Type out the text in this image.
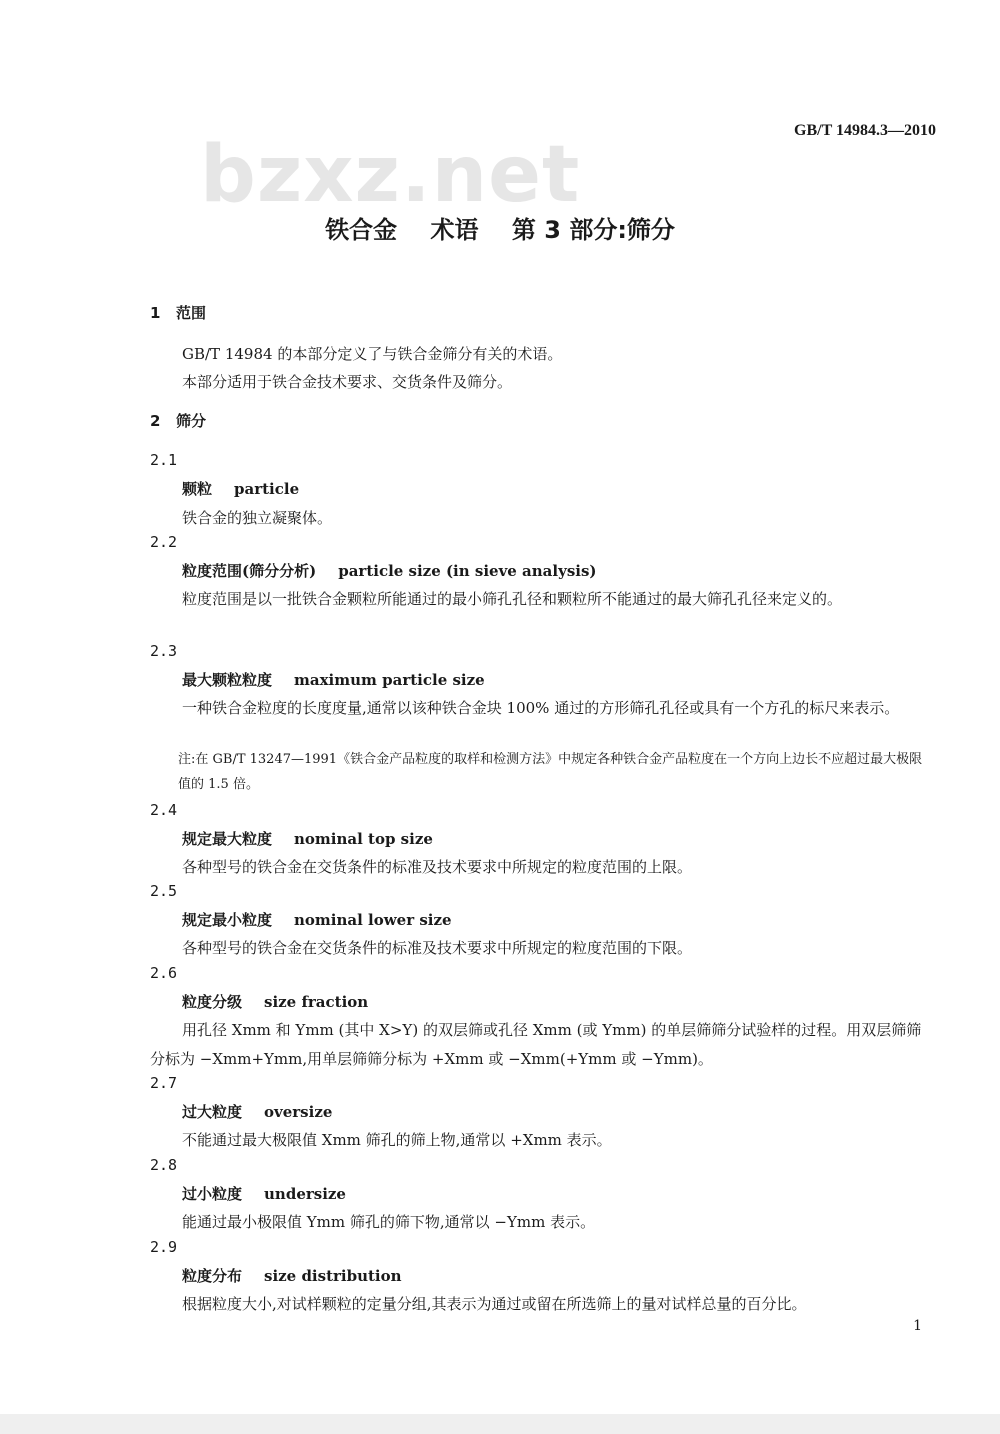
GB/T 14984.3—2010
bzxz.net
铁合金    术语    第 3 部分:筛分
1 范围
GB/T 14984 的本部分定义了与铁合金筛分有关的术语。
本部分适用于铁合金技术要求、交货条件及筛分。
2 筛分
2.1
颗粒 particle
铁合金的独立凝聚体。
2.2
粒度范围(筛分分析) particle size (in sieve analysis)
粒度范围是以一批铁合金颗粒所能通过的最小筛孔孔径和颗粒所不能通过的最大筛孔孔径来定义的。
2.3
最大颗粒粒度 maximum particle size
一种铁合金粒度的长度度量,通常以该种铁合金块 100% 通过的方形筛孔孔径或具有一个方孔的标尺来表示。
注:在 GB/T 13247—1991《铁合金产品粒度的取样和检测方法》中规定各种铁合金产品粒度在一个方向上边长不应超过最大极限值的 1.5 倍。
2.4
规定最大粒度 nominal top size
各种型号的铁合金在交货条件的标准及技术要求中所规定的粒度范围的上限。
2.5
规定最小粒度 nominal lower size
各种型号的铁合金在交货条件的标准及技术要求中所规定的粒度范围的下限。
2.6
粒度分级 size fraction
用孔径 Xmm 和 Ymm (其中 X>Y) 的双层筛或孔径 Xmm (或 Ymm) 的单层筛筛分试验样的过程。用双层筛筛分标为 −Xmm+Ymm,用单层筛筛分标为 +Xmm 或 −Xmm(+Ymm 或 −Ymm)。
2.7
过大粒度 oversize
不能通过最大极限值 Xmm 筛孔的筛上物,通常以 +Xmm 表示。
2.8
过小粒度 undersize
能通过最小极限值 Ymm 筛孔的筛下物,通常以 −Ymm 表示。
2.9
粒度分布 size distribution
根据粒度大小,对试样颗粒的定量分组,其表示为通过或留在所选筛上的量对试样总量的百分比。
1
